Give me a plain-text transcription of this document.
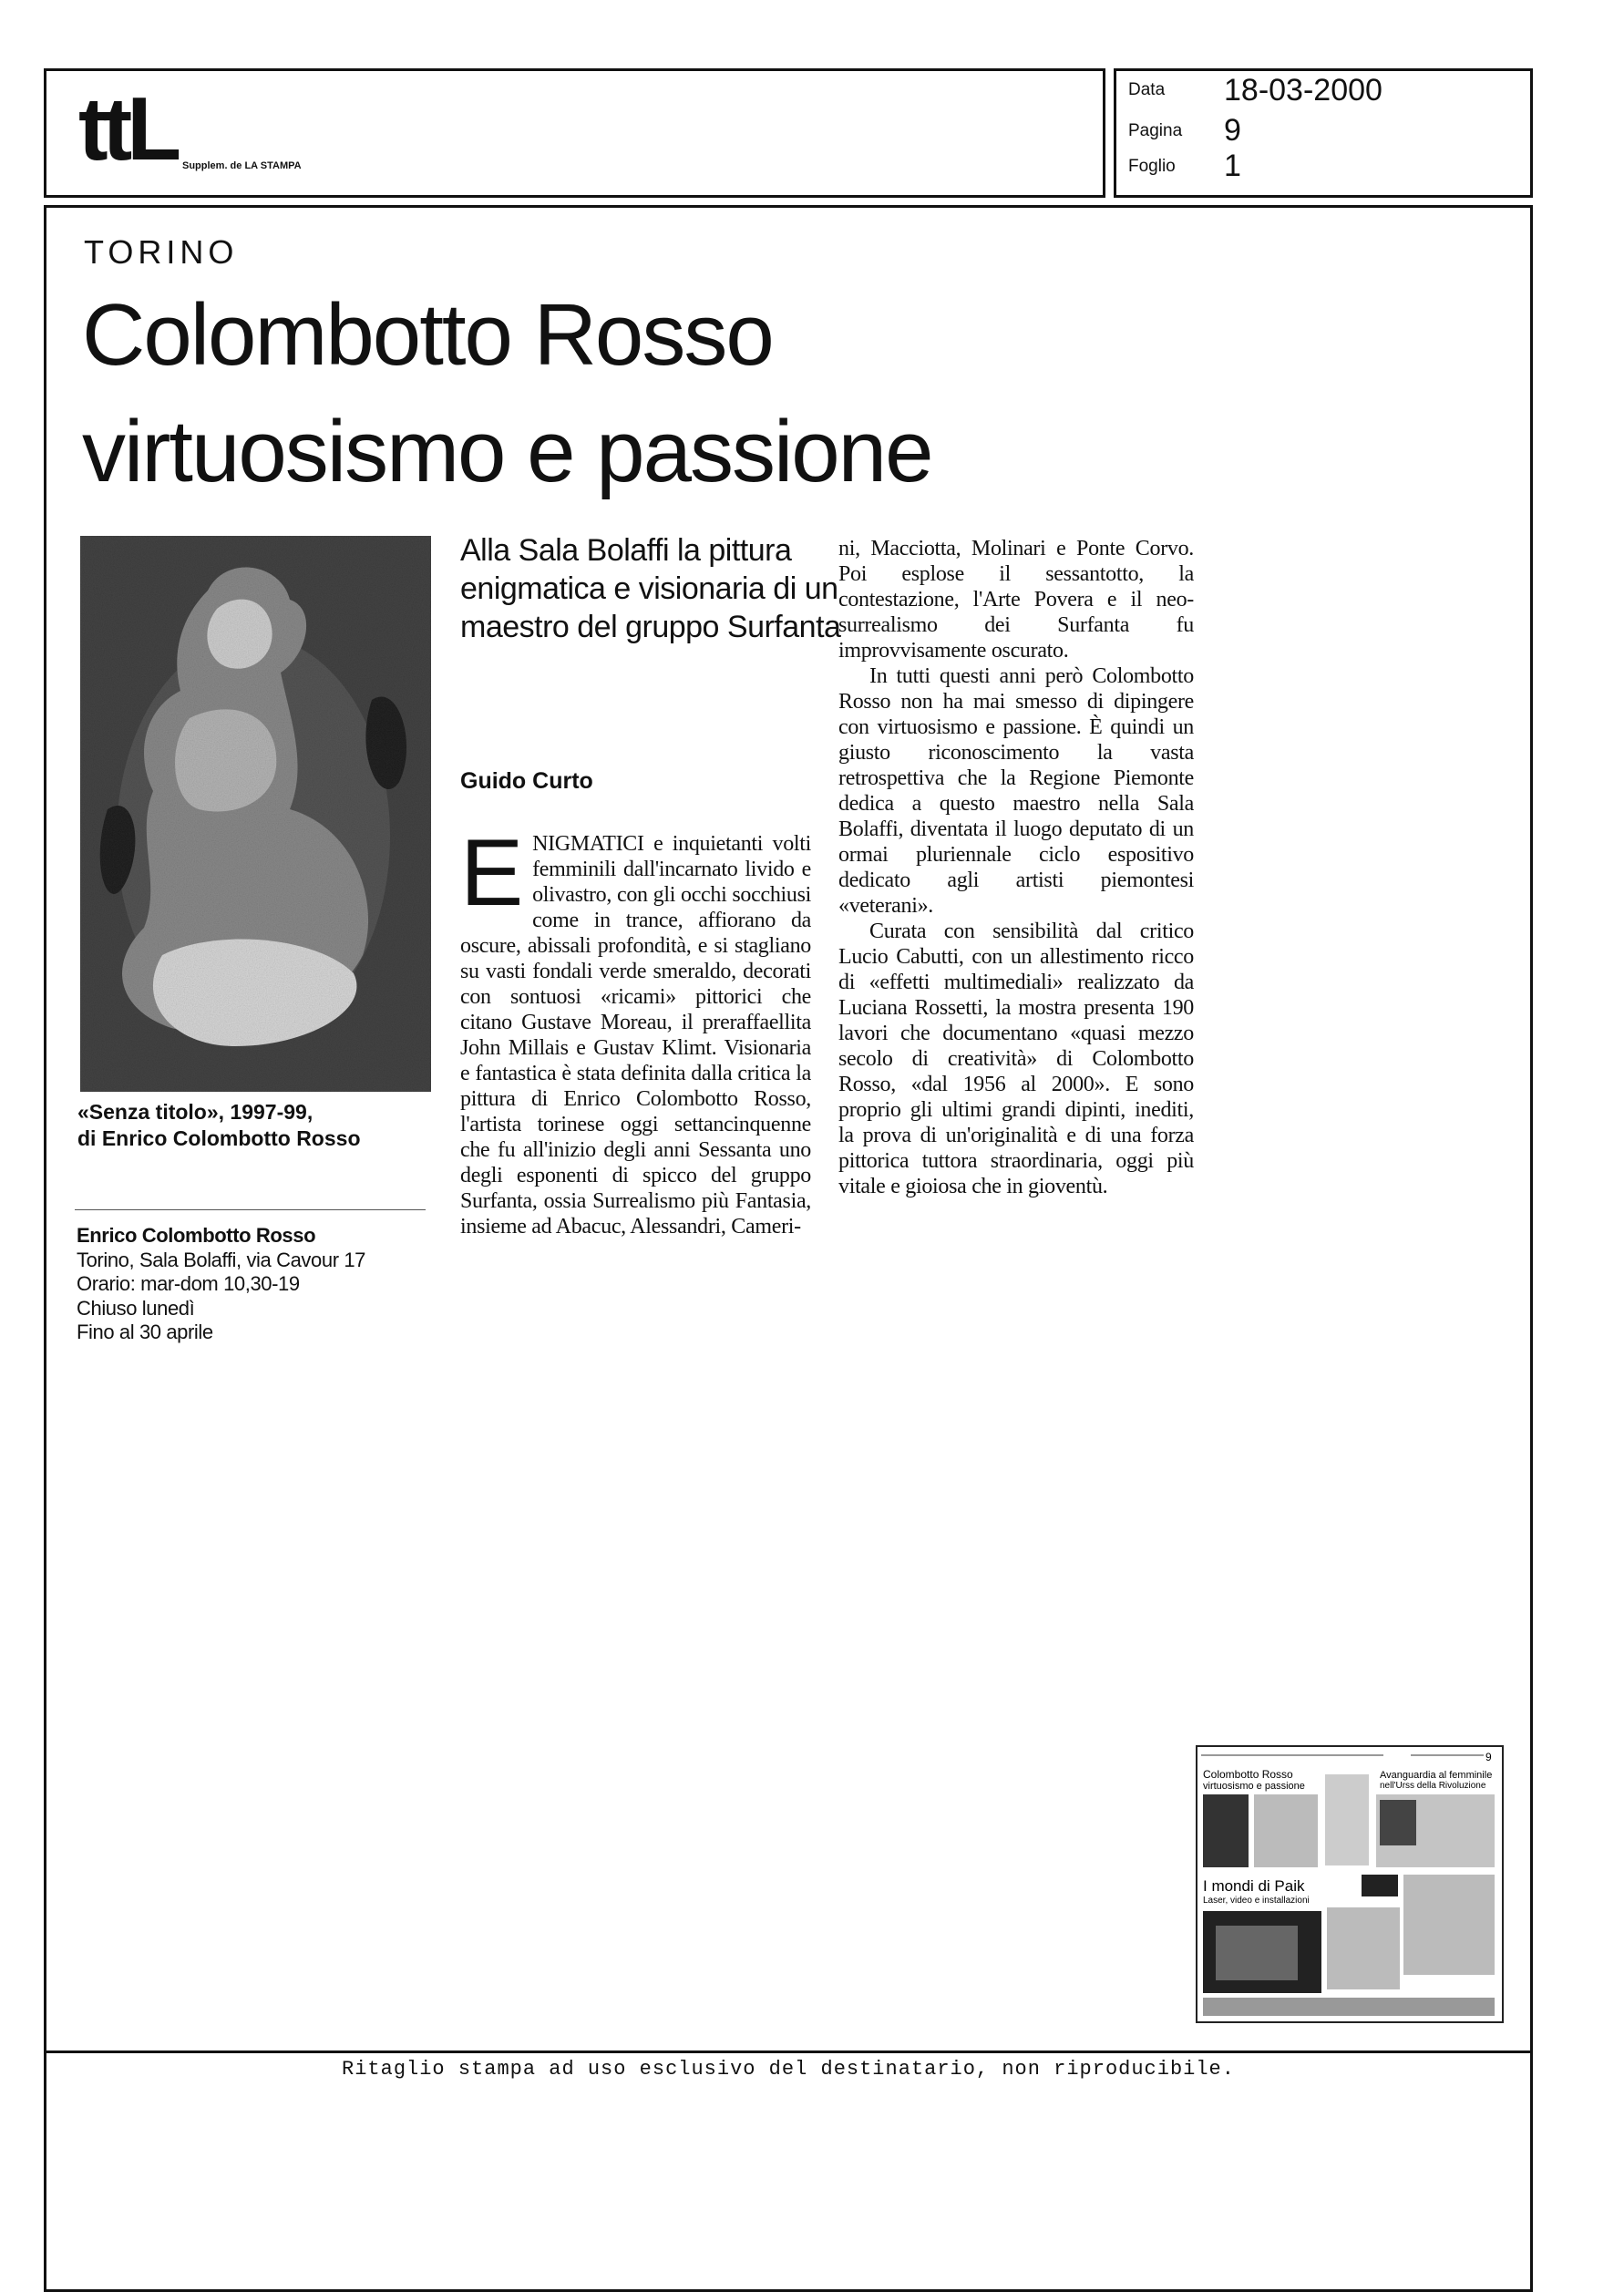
ttL Supplem. de LA STAMPA
Data 18-03-2000
Pagina 9
Foglio 1
TORINO
Colombotto Rosso
virtuosismo e passione
«Senza titolo», 1997-99,
di Enrico Colombotto Rosso
Enrico Colombotto Rosso
Torino, Sala Bolaffi, via Cavour 17
Orario: mar-dom 10,30-19
Chiuso lunedì
Fino al 30 aprile
Alla Sala Bolaffi la pittura enigmatica e visionaria di un maestro del gruppo Surfanta
Guido Curto

ENIGMATICI e inquietanti volti femminili dall'incarnato livido e olivastro, con gli occhi socchiusi come in trance, affiorano da oscure, abissali profondità, e si stagliano su vasti fondali verde smeraldo, decorati con sontuosi «ricami» pittorici che citano Gustave Moreau, il preraffaellita John Millais e Gustav Klimt. Visionaria e fantastica è stata definita dalla critica la pittura di Enrico Colombotto Rosso, l'artista torinese oggi settancinquenne che fu all'inizio degli anni Sessanta uno degli esponenti di spicco del gruppo Surfanta, ossia Surrealismo più Fantasia, insieme ad Abacuc, Alessandri, Cameri-

ni, Macciotta, Molinari e Ponte Corvo. Poi esplose il sessantotto, la contestazione, l'Arte Povera e il neo-surrealismo dei Surfanta fu improvvisamente oscurato.

In tutti questi anni però Colombotto Rosso non ha mai smesso di dipingere con virtuosismo e passione. È quindi un giusto riconoscimento la vasta retrospettiva che la Regione Piemonte dedica a questo maestro nella Sala Bolaffi, diventata il luogo deputato di un ormai pluriennale ciclo espositivo dedicato agli artisti piemontesi «veterani».

Curata con sensibilità dal critico Lucio Cabutti, con un allestimento ricco di «effetti multimediali» realizzato da Luciana Rossetti, la mostra presenta 190 lavori che documentano «quasi mezzo secolo di creatività» di Colombotto Rosso, «dal 1956 al 2000». E sono proprio gli ultimi grandi dipinti, inediti, la prova di un'originalità e di una forza pittorica tuttora straordinaria, oggi più vitale e gioiosa che in gioventù.

9
Colombotto Rosso
virtuosismo e passione
Avanguardia al femminile
nell'Urss della Rivoluzione
I mondi di Paik
Laser, video e installazioni
Ritaglio stampa ad uso esclusivo del destinatario, non riproducibile.
